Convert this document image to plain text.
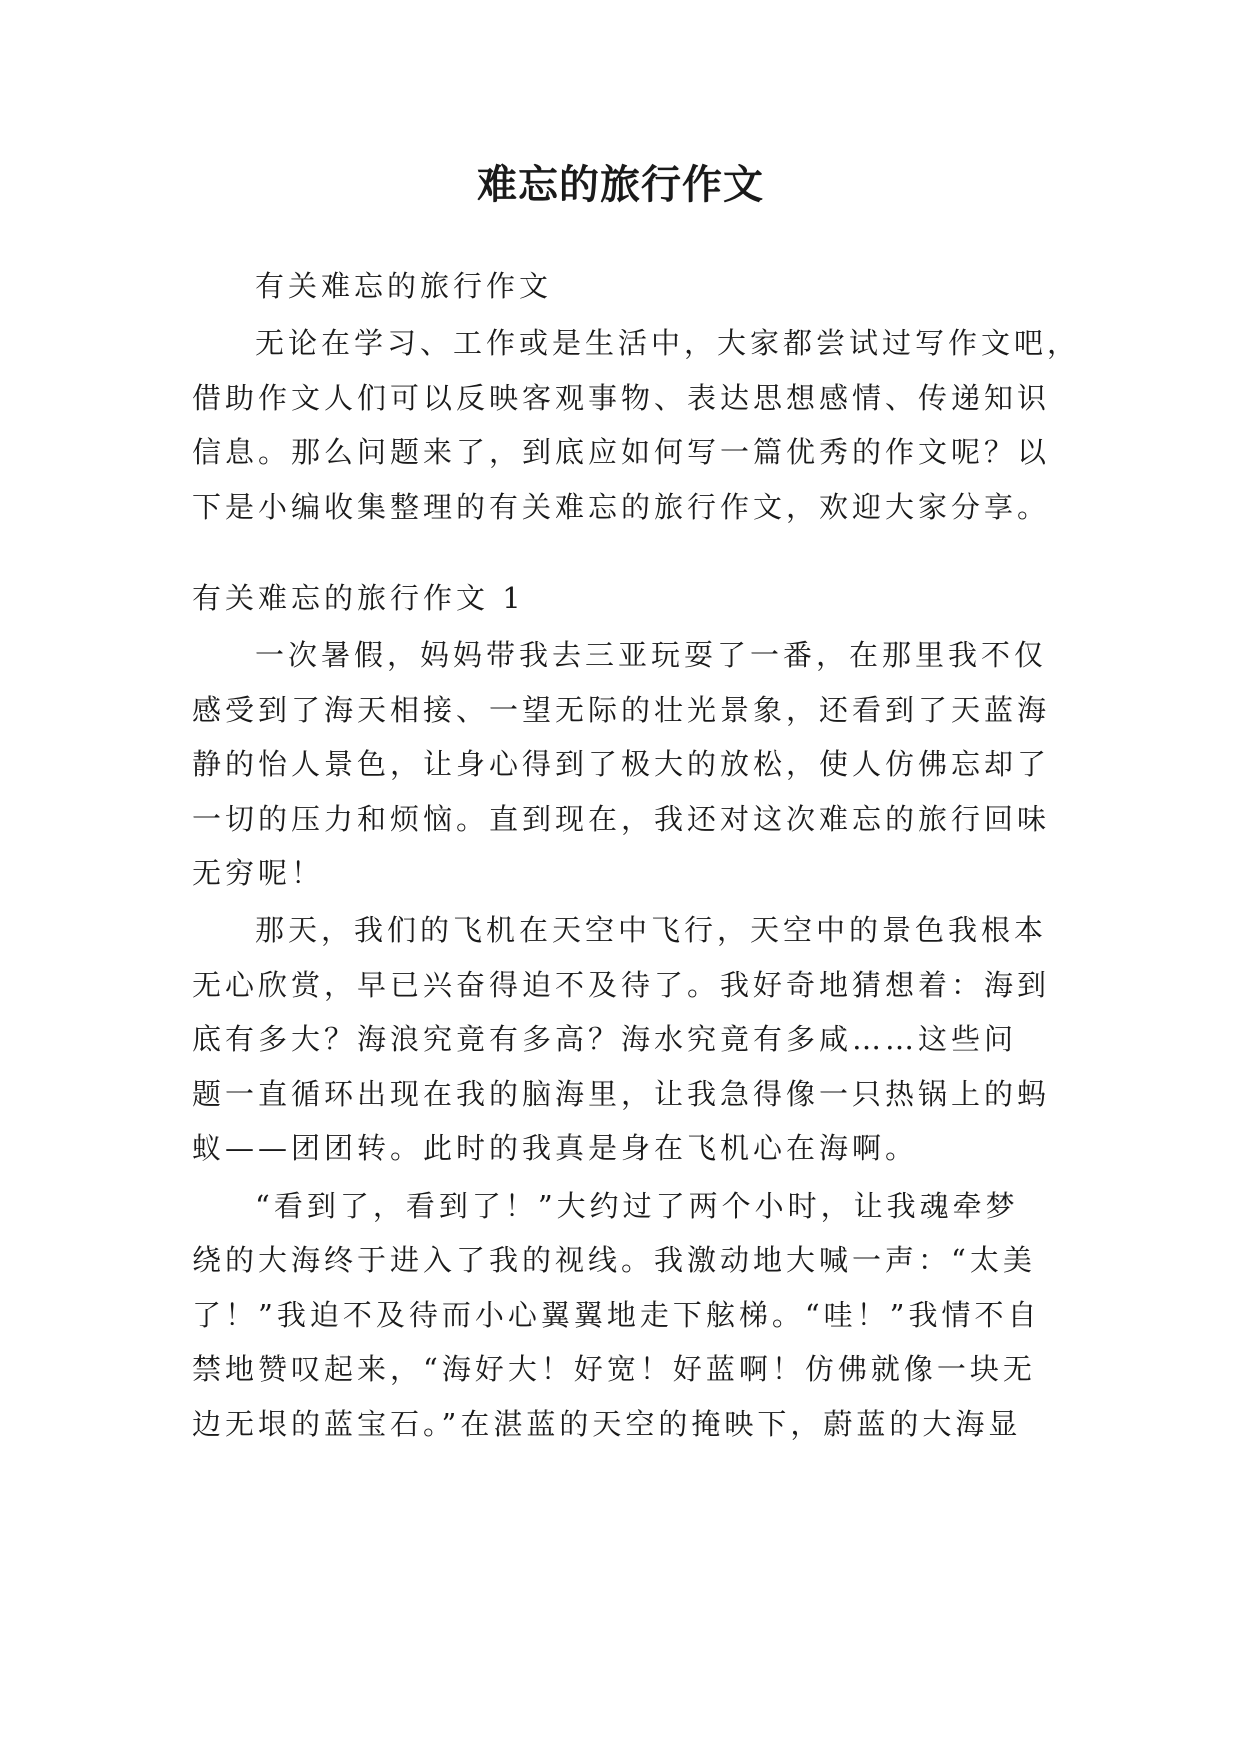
难忘的旅行作文
有关难忘的旅行作文
无论在学习、工作或是生活中，大家都尝试过写作文吧，
借助作文人们可以反映客观事物、表达思想感情、传递知识
信息。那么问题来了，到底应如何写一篇优秀的作文呢？以
下是小编收集整理的有关难忘的旅行作文，欢迎大家分享。
有关难忘的旅行作文 1
一次暑假，妈妈带我去三亚玩耍了一番，在那里我不仅
感受到了海天相接、一望无际的壮光景象，还看到了天蓝海
静的怡人景色，让身心得到了极大的放松，使人仿佛忘却了
一切的压力和烦恼。直到现在，我还对这次难忘的旅行回味
无穷呢！
那天，我们的飞机在天空中飞行，天空中的景色我根本
无心欣赏，早已兴奋得迫不及待了。我好奇地猜想着：海到
底有多大？海浪究竟有多高？海水究竟有多咸……这些问
题一直循环出现在我的脑海里，让我急得像一只热锅上的蚂
蚁——团团转。此时的我真是身在飞机心在海啊。
“看到了，看到了！”大约过了两个小时，让我魂牵梦
绕的大海终于进入了我的视线。我激动地大喊一声：“太美
了！”我迫不及待而小心翼翼地走下舷梯。“哇！”我情不自
禁地赞叹起来，“海好大！好宽！好蓝啊！仿佛就像一块无
边无垠的蓝宝石。”在湛蓝的天空的掩映下，蔚蓝的大海显
